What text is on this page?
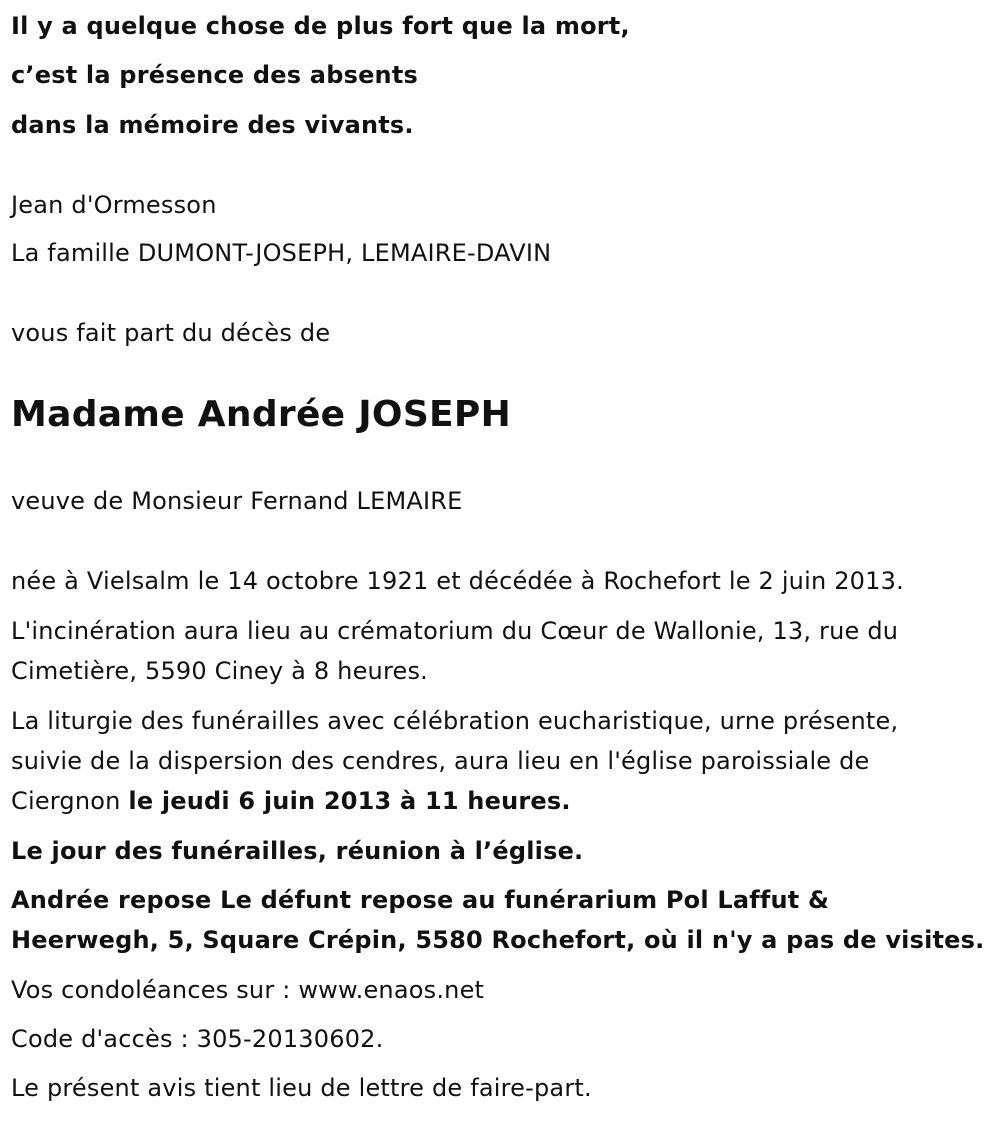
Il y a quelque chose de plus fort que la mort,
c’est la présence des absents
dans la mémoire des vivants.
Jean d'Ormesson
La famille DUMONT-JOSEPH, LEMAIRE-DAVIN
vous fait part du décès de
Madame Andrée JOSEPH
veuve de Monsieur Fernand LEMAIRE
née à Vielsalm le 14 octobre 1921 et décédée à Rochefort le 2 juin 2013.
L'incinération aura lieu au crématorium du Cœur de Wallonie, 13, rue du
Cimetière, 5590 Ciney à 8 heures.
La liturgie des funérailles avec célébration eucharistique, urne présente,
suivie de la dispersion des cendres, aura lieu en l'église paroissiale de
Ciergnon le jeudi 6 juin 2013 à 11 heures.
Le jour des funérailles, réunion à l’église.
Andrée repose Le défunt repose au funérarium Pol Laffut &
Heerwegh, 5, Square Crépin, 5580 Rochefort, où il n'y a pas de visites.
Vos condoléances sur : www.enaos.net
Code d'accès : 305-20130602.
Le présent avis tient lieu de lettre de faire-part.
